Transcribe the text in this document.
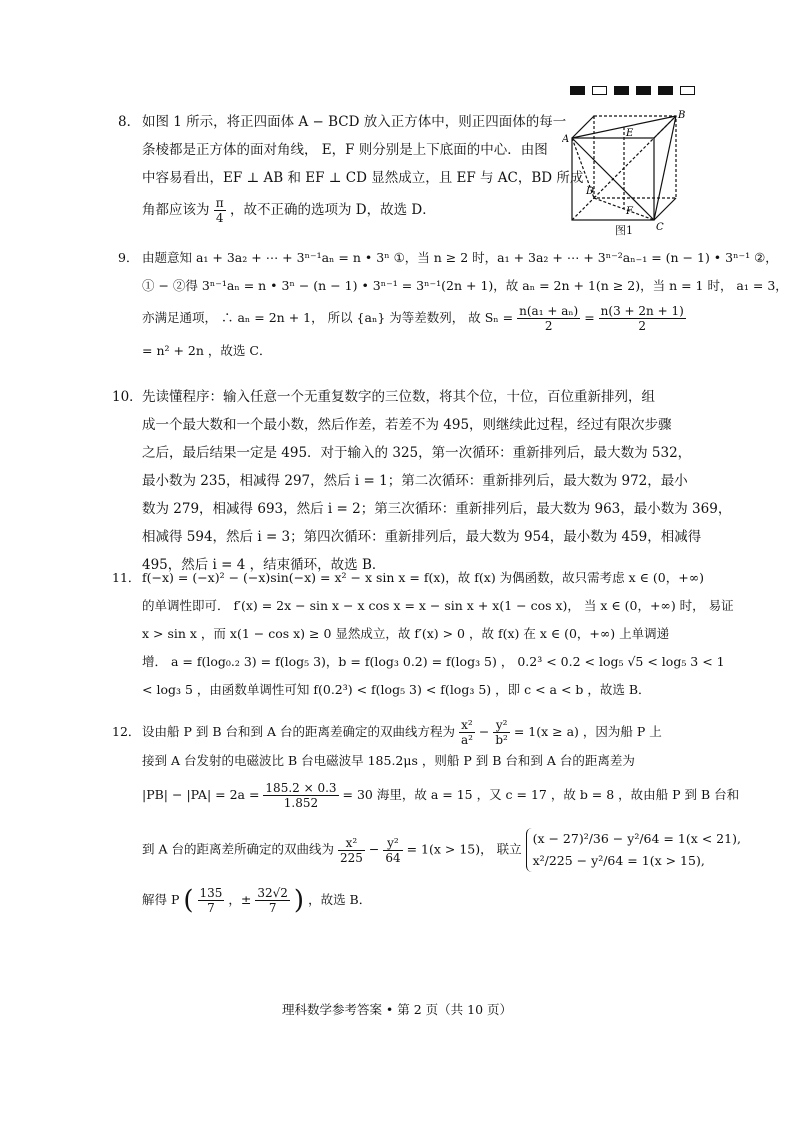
A
B
C
D
E
F
图1
8． 如图 1 所示，将正四面体 A − BCD 放入正方体中，则正四面体的每一
条棱都是正方体的面对角线， E，F 则分别是上下底面的中心．由图
中容易看出，EF ⊥ AB 和 EF ⊥ CD 显然成立，且 EF 与 AC，BD 所成
角都应该为 $\frac{\pi}{4}$ ，故不正确的选项为 D，故选 D．
9． 由题意知 a₁ + 3a₂ + ⋯ + 3ⁿ⁻¹aₙ = n • 3ⁿ ①，当 n ≥ 2 时，a₁ + 3a₂ + ⋯ + 3ⁿ⁻²aₙ₋₁ = (n − 1) • 3ⁿ⁻¹ ②，
① − ②得 3ⁿ⁻¹aₙ = n • 3ⁿ − (n − 1) • 3ⁿ⁻¹ = 3ⁿ⁻¹(2n + 1)，故 aₙ = 2n + 1(n ≥ 2)，当 n = 1 时， a₁ = 3，
亦满足通项， ∴ aₙ = 2n + 1， 所以 {aₙ} 为等差数列， 故 $S_n = \frac{\text{n(a₁ + aₙ)}}{2} = \frac{n(3 + 2n + 1)}{2}$
= n² + 2n ，故选 C．
10． 先读懂程序：输入任意一个无重复数字的三位数，将其个位，十位，百位重新排列，组
成一个最大数和一个最小数，然后作差，若差不为 495，则继续此过程，经过有限次步骤
之后，最后结果一定是 495．对于输入的 325，第一次循环：重新排列后，最大数为 532，
最小数为 235，相减得 297，然后 i = 1；第二次循环：重新排列后，最大数为 972，最小
数为 279，相减得 693，然后 i = 2；第三次循环：重新排列后，最大数为 963，最小数为 369，
相减得 594，然后 i = 3；第四次循环：重新排列后，最大数为 954，最小数为 459，相减得
495，然后 i = 4 ，结束循环，故选 B．
11． f(−x) = (−x)² − (−x)sin(−x) = x² − x sin x = f(x)，故 f(x) 为偶函数，故只需考虑 x ∈ (0，+∞)
的单调性即可． f′(x) = 2x − sin x − x cos x = x − sin x + x(1 − cos x)， 当 x ∈ (0，+∞) 时， 易证
x > sin x ，而 x(1 − cos x) ≥ 0 显然成立，故 f′(x) > 0 ，故 f(x) 在 x ∈ (0，+∞) 上单调递
增． a = f(log₀.₂ 3) = f(log₅ 3)，b = f(log₃ 0.2) = f(log₃ 5) ， 0.2³ < 0.2 < log₅ √5 < log₅ 3 < 1
< log₃ 5 ，由函数单调性可知 f(0.2³) < f(log₅ 3) < f(log₃ 5) ，即 c < a < b ，故选 B．
12． 设由船 P 到 B 台和到 A 台的距离差确定的双曲线方程为 $\frac{\text{x²}}{\text{a²}} - \frac{\text{y²}}{\text{b²}} = 1(x \ge a)$ ，因为船 P 上
接到 A 台发射的电磁波比 B 台电磁波早 185.2μs ，则船 P 到 B 台和到 A 台的距离差为
$|PB| - |PA| = 2a = \frac{185.2 \times 0.3}{1.852} = 30$ 海里，故 a = 15 ，又 c = 17 ，故 b = 8 ，故由船 P 到 B 台和
到 A 台的距离差所确定的双曲线为 $\frac{\text{x²}}{225} - \frac{\text{y²}}{64} = 1(x > 15)$， 联立
(x − 27)²/36 − y²/64 = 1(x < 21),
x²/225 − y²/64 = 1(x > 15),
解得 P ( $\frac{135}{7}$ ，± $\frac{32√2}{7}$ ) ，故选 B．
理科数学参考答案 • 第 2 页（共 10 页）
